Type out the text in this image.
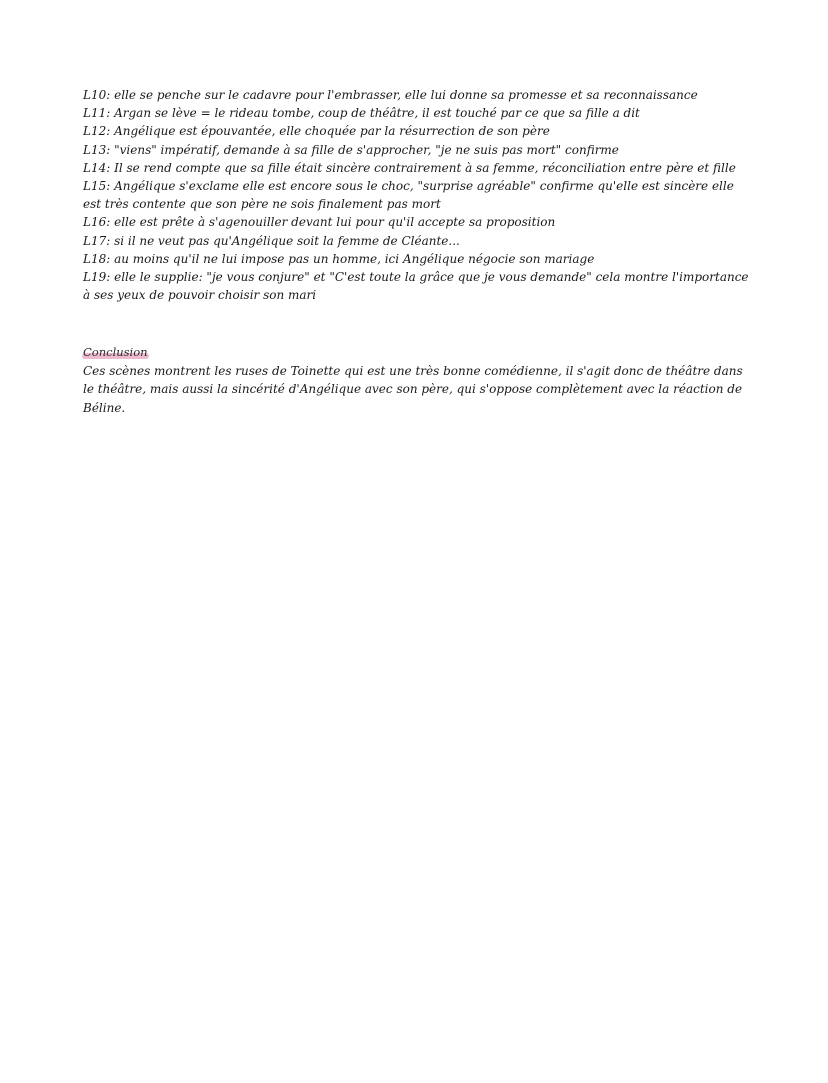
L10: elle se penche sur le cadavre pour l'embrasser, elle lui donne sa promesse et sa reconnaissance
L11: Argan se lève = le rideau tombe, coup de théâtre, il est touché par ce que sa fille a dit
L12: Angélique est épouvantée, elle choquée par la résurrection de son père
L13: "viens" impératif, demande à sa fille de s'approcher, "je ne suis pas mort" confirme
L14: Il se rend compte que sa fille était sincère contrairement à sa femme, réconciliation entre père et fille
L15: Angélique s'exclame elle est encore sous le choc, "surprise agréable" confirme qu'elle est sincère elle est très contente que son père ne sois finalement pas mort
L16: elle est prête à s'agenouiller devant lui pour qu'il accepte sa proposition
L17: si il ne veut pas qu'Angélique soit la femme de Cléante...
L18: au moins qu'il ne lui impose pas un homme, ici Angélique négocie son mariage
L19: elle le supplie: "je vous conjure" et "C'est toute la grâce que je vous demande" cela montre l'importance à ses yeux de pouvoir choisir son mari
Conclusion
Ces scènes montrent les ruses de Toinette qui est une très bonne comédienne, il s'agit donc de théâtre dans le théâtre, mais aussi la sincérité d'Angélique avec son père, qui s'oppose complètement avec la réaction de Béline.
